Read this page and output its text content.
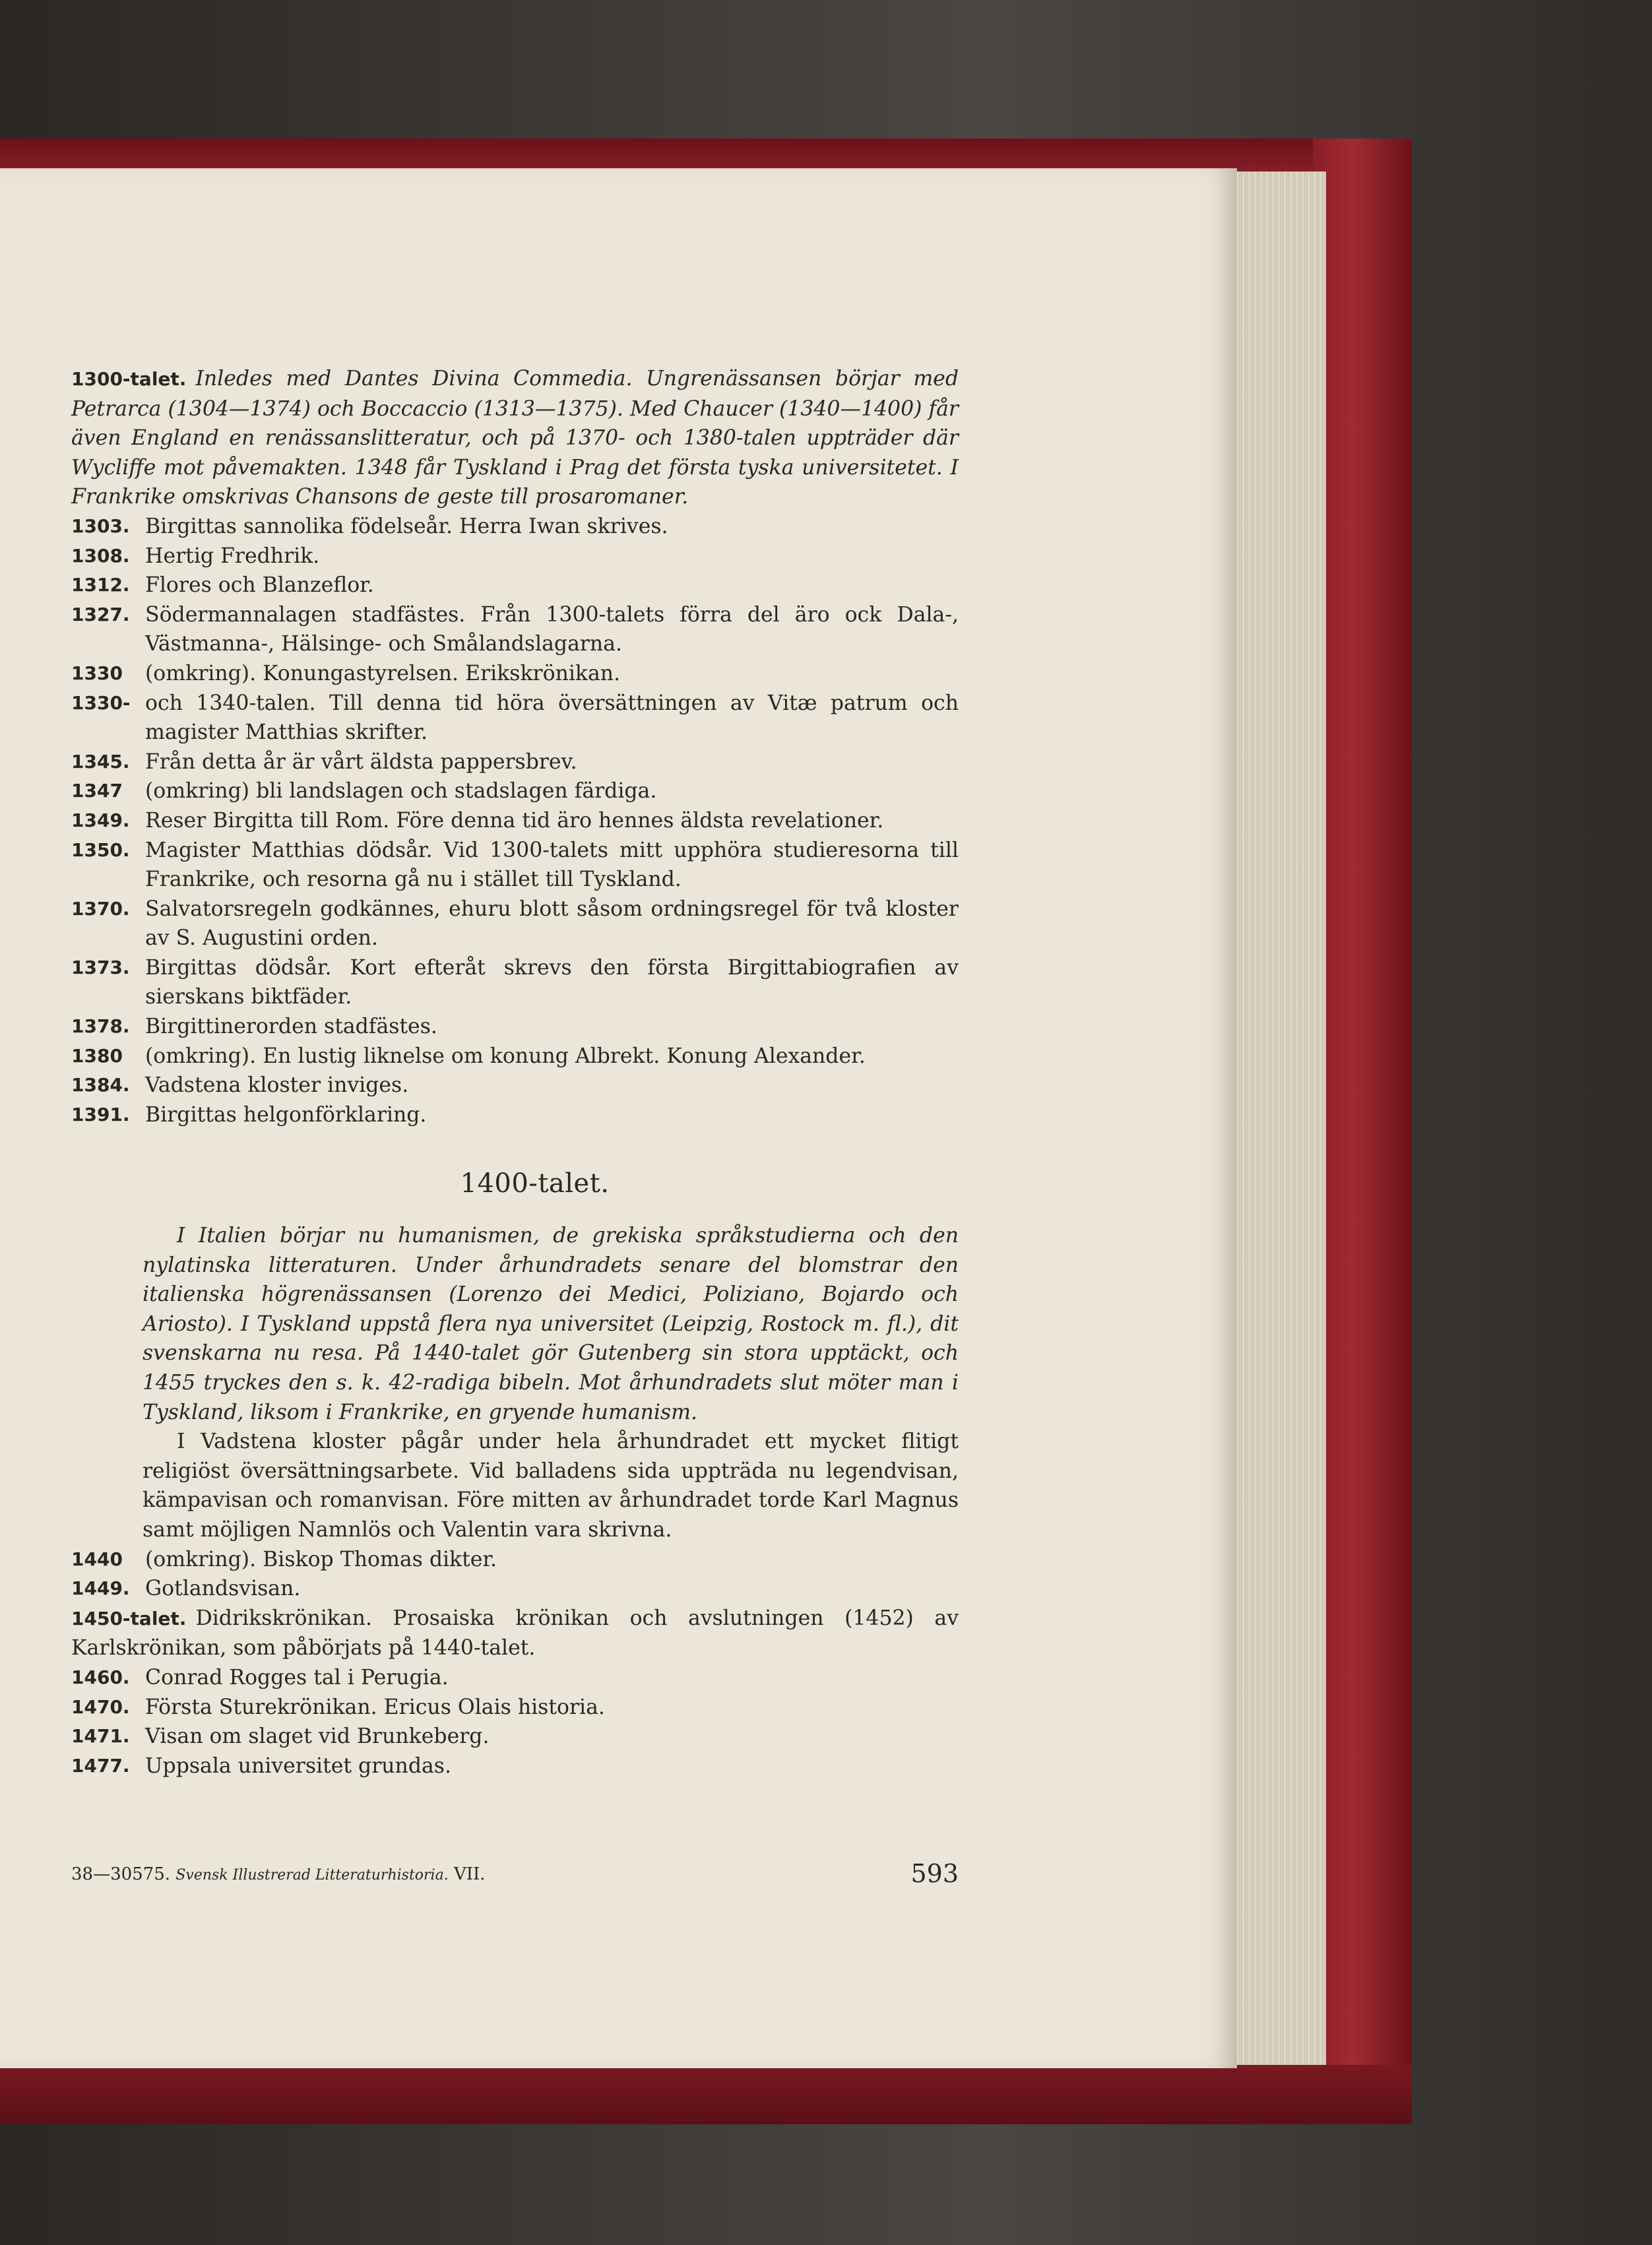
1300-talet. Inledes med Dantes Divina Commedia. Ungrenässansen börjar med Petrarca (1304—1374) och Boccaccio (1313—1375). Med Chaucer (1340—1400) får även England en renässanslitteratur, och på 1370- och 1380-talen uppträder där Wycliffe mot påvemakten. 1348 får Tyskland i Prag det första tyska universitetet. I Frankrike omskrivas Chansons de geste till prosaromaner.
1303. Birgittas sannolika födelseår. Herra Iwan skrives.
1308. Hertig Fredhrik.
1312. Flores och Blanzeflor.
1327. Södermannalagen stadfästes. Från 1300-talets förra del äro ock Dala-, Västmanna-, Hälsinge- och Smålandslagarna.
1330 (omkring). Konungastyrelsen. Erikskrönikan.
1330- och 1340-talen. Till denna tid höra översättningen av Vitæ patrum och magister Matthias skrifter.
1345. Från detta år är vårt äldsta pappersbrev.
1347 (omkring) bli landslagen och stadslagen färdiga.
1349. Reser Birgitta till Rom. Före denna tid äro hennes äldsta revelationer.
1350. Magister Matthias dödsår. Vid 1300-talets mitt upphöra studieresorna till Frankrike, och resorna gå nu i stället till Tyskland.
1370. Salvatorsregeln godkännes, ehuru blott såsom ordningsregel för två kloster av S. Augustini orden.
1373. Birgittas dödsår. Kort efteråt skrevs den första Birgittabiografien av sierskans biktfäder.
1378. Birgittinerorden stadfästes.
1380 (omkring). En lustig liknelse om konung Albrekt. Konung Alexander.
1384. Vadstena kloster inviges.
1391. Birgittas helgonförklaring.
1400-talet.
I Italien börjar nu humanismen, de grekiska språkstudierna och den nylatinska litteraturen. Under århundradets senare del blomstrar den italienska högrenässansen (Lorenzo dei Medici, Poliziano, Bojardo och Ariosto). I Tyskland uppstå flera nya universitet (Leipzig, Rostock m. fl.), dit svenskarna nu resa. På 1440-talet gör Gutenberg sin stora upptäckt, och 1455 tryckes den s. k. 42-radiga bibeln. Mot århundradets slut möter man i Tyskland, liksom i Frankrike, en gryende humanism.
I Vadstena kloster pågår under hela århundradet ett mycket flitigt religiöst översättningsarbete. Vid balladens sida uppträda nu legendvisan, kämpavisan och romanvisan. Före mitten av århundradet torde Karl Magnus samt möjligen Namnlös och Valentin vara skrivna.
1440 (omkring). Biskop Thomas dikter.
1449. Gotlandsvisan.
1450-talet. Didrikskrönikan. Prosaiska krönikan och avslutningen (1452) av Karlskrönikan, som påbörjats på 1440-talet.
1460. Conrad Rogges tal i Perugia.
1470. Första Sturekrönikan. Ericus Olais historia.
1471. Visan om slaget vid Brunkeberg.
1477. Uppsala universitet grundas.
38—30575. Svensk Illustrerad Litteraturhistoria. VII.	593
